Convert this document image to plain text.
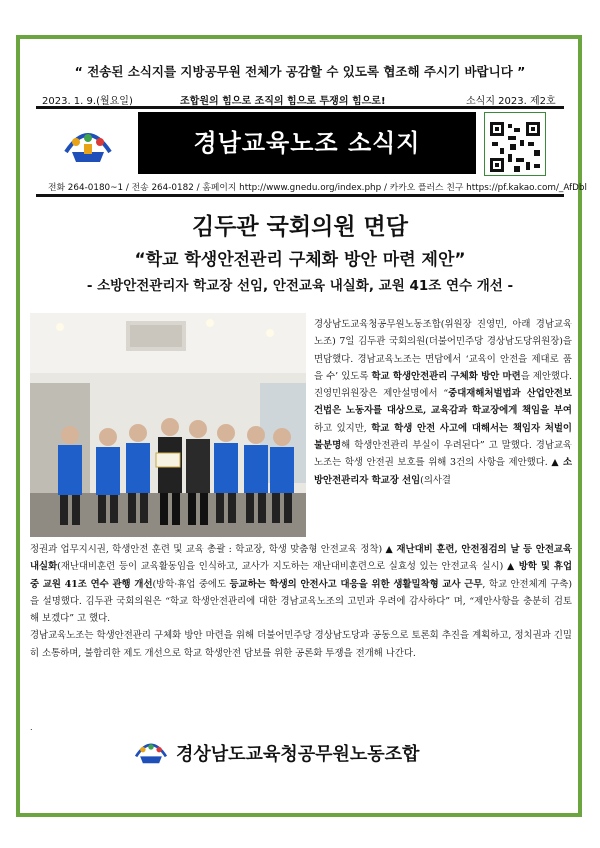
“ 전송된 소식지를 지방공무원 전체가 공감할 수 있도록 협조해 주시기 바랍니다 ”
2023. 1. 9.(월요일)	조합원의 힘으로 조직의 힘으로 투쟁의 힘으로!	소식지 2023. 제2호
경남교육노조 소식지
전화 264-0180~1 / 전송 264-0182 / 홈페이지 http://www.gnedu.org/index.php / 카카오 플러스 친구 https://pf.kakao.com/_AfDbl
김두관 국회의원 면담
“학교 학생안전관리 구체화 방안 마련 제안”
- 소방안전관리자 학교장 선임, 안전교육 내실화, 교원 41조 연수 개선 -

경상남도교육청공무원노동조합(위원장 진영민, 아래 경남교육노조) 7일 김두관 국회의원(더불어민주당 경상남도당위원장)을 면담했다. 경남교육노조는 면담에서 ‘교육이 안전을 제대로 품을 수’ 있도록 학교 학생안전관리 구체화 방안 마련을 제안했다. 진영민위원장은 제안설명에서 “중대재해처벌법과 산업안전보건법은 노동자를 대상으로, 교육감과 학교장에게 책임을 부여하고 있지만, 학교 학생 안전 사고에 대해서는 책임자 처벌이 불분명해 학생안전관리 부실이 우려된다” 고 말했다. 경남교육노조는 학생 안전권 보호를 위해 3건의 사항을 제안했다. ▲ 소방안전관리자 학교장 선임(의사결

정권과 업무지시권, 학생안전 훈련 및 교육 총괄 : 학교장, 학생 맞춤형 안전교육 정착) ▲ 재난대비 훈련, 안전점검의 날 등 안전교육 내실화(재난대비훈련 등이 교육활동임을 인식하고, 교사가 지도하는 재난대비훈련으로 실효성 있는 안전교육 실시) ▲ 방학 및 휴업 중 교원 41조 연수 관행 개선(방학·휴업 중에도 등교하는 학생의 안전사고 대응을 위한 생활밀착형 교사 근무, 학교 안전체계 구축)을 설명했다. 김두관 국회의원은 “학교 학생안전관리에 대한 경남교육노조의 고민과 우려에 감사하다” 며, “제안사항을 충분히 검토해 보겠다” 고 했다.

경남교육노조는 학생안전관리 구체화 방안 마련을 위해 더불어민주당 경상남도당과 공동으로 토론회 추진을 계획하고, 정치권과 긴밀히 소통하며, 불합리한 제도 개선으로 학교 학생안전 담보를 위한 공론화 투쟁을 전개해 나간다.

.
경상남도교육청공무원노동조합
